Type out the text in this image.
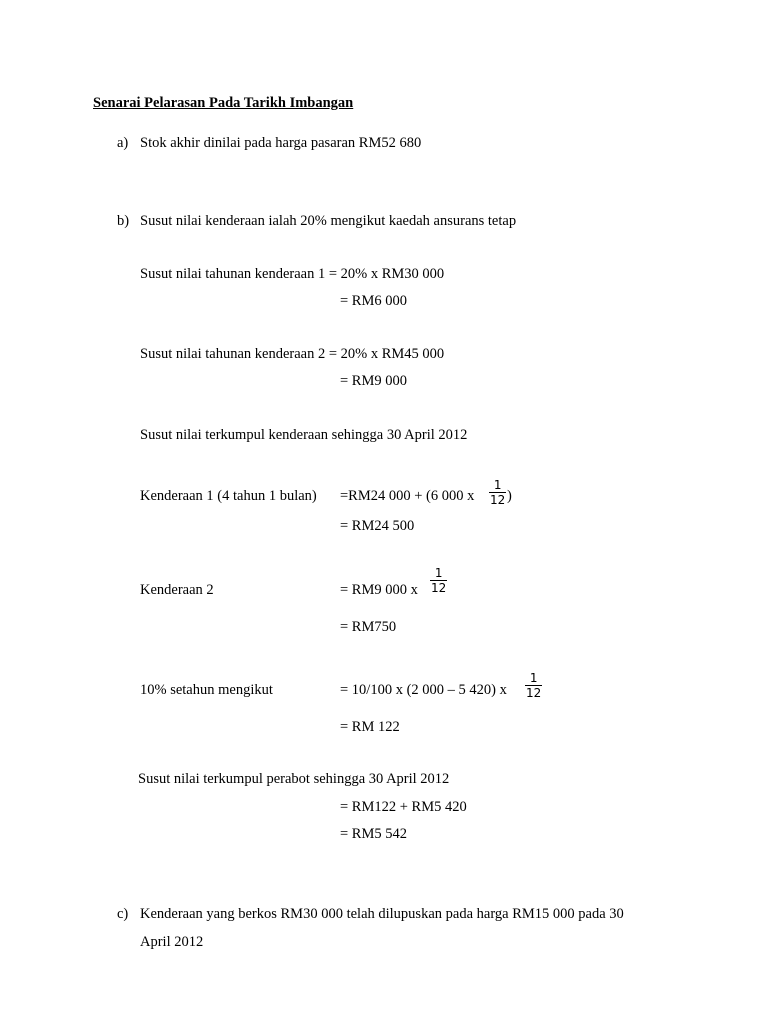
Senarai Pelarasan Pada Tarikh Imbangan
a) Stok akhir dinilai pada harga pasaran RM52 680
b) Susut nilai kenderaan ialah 20% mengikut kaedah ansurans tetap
Susut nilai tahunan kenderaan 1 = 20% x RM30 000
= RM6 000
Susut nilai tahunan kenderaan 2 = 20% x RM45 000
= RM9 000
Susut nilai terkumpul kenderaan sehingga 30 April 2012
Kenderaan 1 (4 tahun 1 bulan) =RM24 000 + (6 000 x $\frac{1}{12}$ )
= RM24 500
Kenderaan 2	= RM9 000 x $\frac{1}{12}$
= RM750
10% setahun mengikut	= 10/100 x (2 000 – 5 420) x $\frac{1}{12}$
= RM 122
Susut nilai terkumpul perabot sehingga 30 April 2012
= RM122 + RM5 420
= RM5 542
c) Kenderaan yang berkos RM30 000 telah dilupuskan pada harga RM15 000 pada 30
April 2012
